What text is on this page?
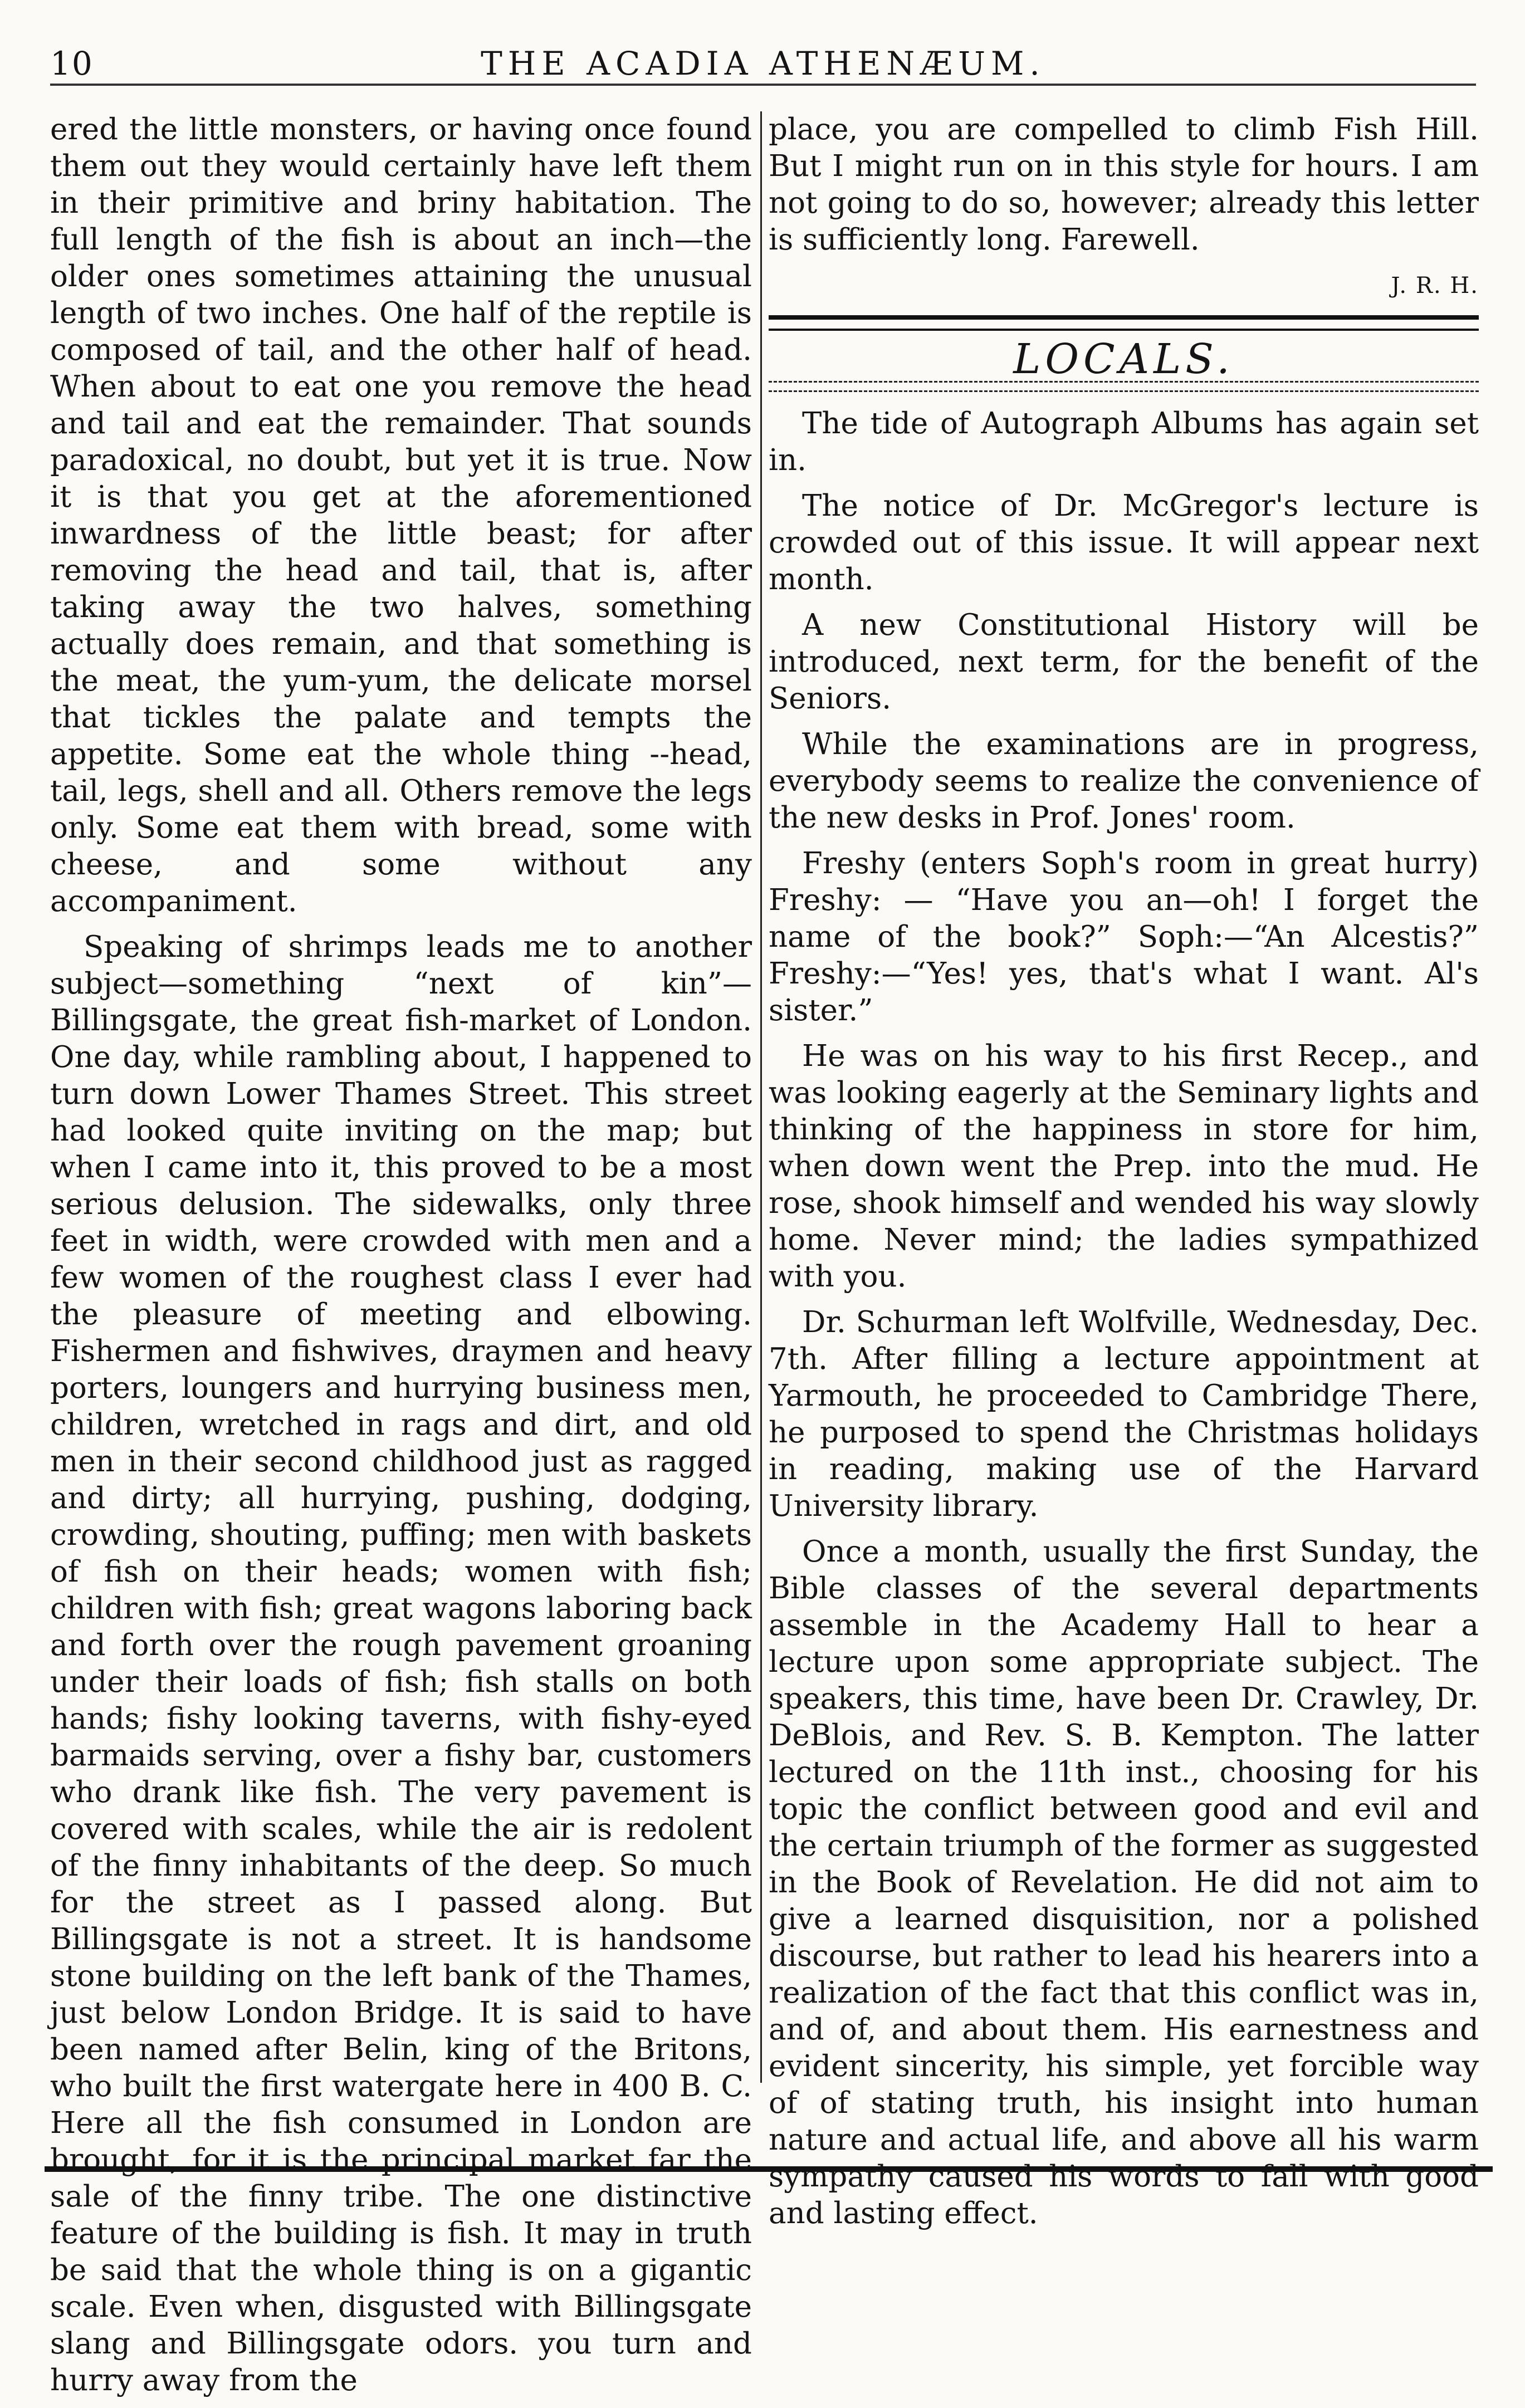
10	THE ACADIA ATHENÆUM.

ered the little monsters, or having once found them out they would certainly have left them in their primitive and briny habitation. The full length of the fish is about an inch—the older ones sometimes attaining the unusual length of two inches. One half of the reptile is composed of tail, and the other half of head. When about to eat one you remove the head and tail and eat the remainder. That sounds paradoxical, no doubt, but yet it is true. Now it is that you get at the aforementioned inwardness of the little beast; for after removing the head and tail, that is, after taking away the two halves, something actually does remain, and that something is the meat, the yum-yum, the delicate morsel that tickles the palate and tempts the appetite. Some eat the whole thing --head, tail, legs, shell and all. Others remove the legs only. Some eat them with bread, some with cheese, and some without any accompaniment.

Speaking of shrimps leads me to another subject—something “next of kin”—Billingsgate, the great fish-market of London. One day, while rambling about, I happened to turn down Lower Thames Street. This street had looked quite inviting on the map; but when I came into it, this proved to be a most serious delusion. The sidewalks, only three feet in width, were crowded with men and a few women of the roughest class I ever had the pleasure of meeting and elbowing. Fishermen and fishwives, draymen and heavy porters, loungers and hurrying business men, children, wretched in rags and dirt, and old men in their second childhood just as ragged and dirty; all hurrying, pushing, dodging, crowding, shouting, puffing; men with baskets of fish on their heads; women with fish; children with fish; great wagons laboring back and forth over the rough pavement groaning under their loads of fish; fish stalls on both hands; fishy looking taverns, with fishy-eyed barmaids serving, over a fishy bar, customers who drank like fish. The very pavement is covered with scales, while the air is redolent of the finny inhabitants of the deep. So much for the street as I passed along. But Billingsgate is not a street. It is handsome stone building on the left bank of the Thames, just below London Bridge. It is said to have been named after Belin, king of the Britons, who built the first watergate here in 400 B. C. Here all the fish consumed in London are brought, for it is the principal market far the sale of the finny tribe. The one distinctive feature of the building is fish. It may in truth be said that the whole thing is on a gigantic scale. Even when, disgusted with Billingsgate slang and Billingsgate odors. you turn and hurry away from the

place, you are compelled to climb Fish Hill. But I might run on in this style for hours. I am not going to do so, however; already this letter is sufficiently long. Farewell.

J. R. H.
LOCALS.

The tide of Autograph Albums has again set in.

The notice of Dr. McGregor's lecture is crowded out of this issue. It will appear next month.

A new Constitutional History will be introduced, next term, for the benefit of the Seniors.

While the examinations are in progress, everybody seems to realize the convenience of the new desks in Prof. Jones' room.

Freshy (enters Soph's room in great hurry) Freshy: — “Have you an—oh! I forget the name of the book?” Soph:—“An Alcestis?” Freshy:—“Yes! yes, that's what I want. Al's sister.”

He was on his way to his first Recep., and was looking eagerly at the Seminary lights and thinking of the happiness in store for him, when down went the Prep. into the mud. He rose, shook himself and wended his way slowly home. Never mind; the ladies sympathized with you.

Dr. Schurman left Wolfville, Wednesday, Dec. 7th. After filling a lecture appointment at Yarmouth, he proceeded to Cambridge There, he purposed to spend the Christmas holidays in reading, making use of the Harvard University library.

Once a month, usually the first Sunday, the Bible classes of the several departments assemble in the Academy Hall to hear a lecture upon some appropriate subject. The speakers, this time, have been Dr. Crawley, Dr. DeBlois, and Rev. S. B. Kempton. The latter lectured on the 11th inst., choosing for his topic the conflict between good and evil and the certain triumph of the former as suggested in the Book of Revelation. He did not aim to give a learned disquisition, nor a polished discourse, but rather to lead his hearers into a realization of the fact that this conflict was in, and of, and about them. His earnestness and evident sincerity, his simple, yet forcible way of of stating truth, his insight into human nature and actual life, and above all his warm sympathy caused his words to fall with good and lasting effect.
